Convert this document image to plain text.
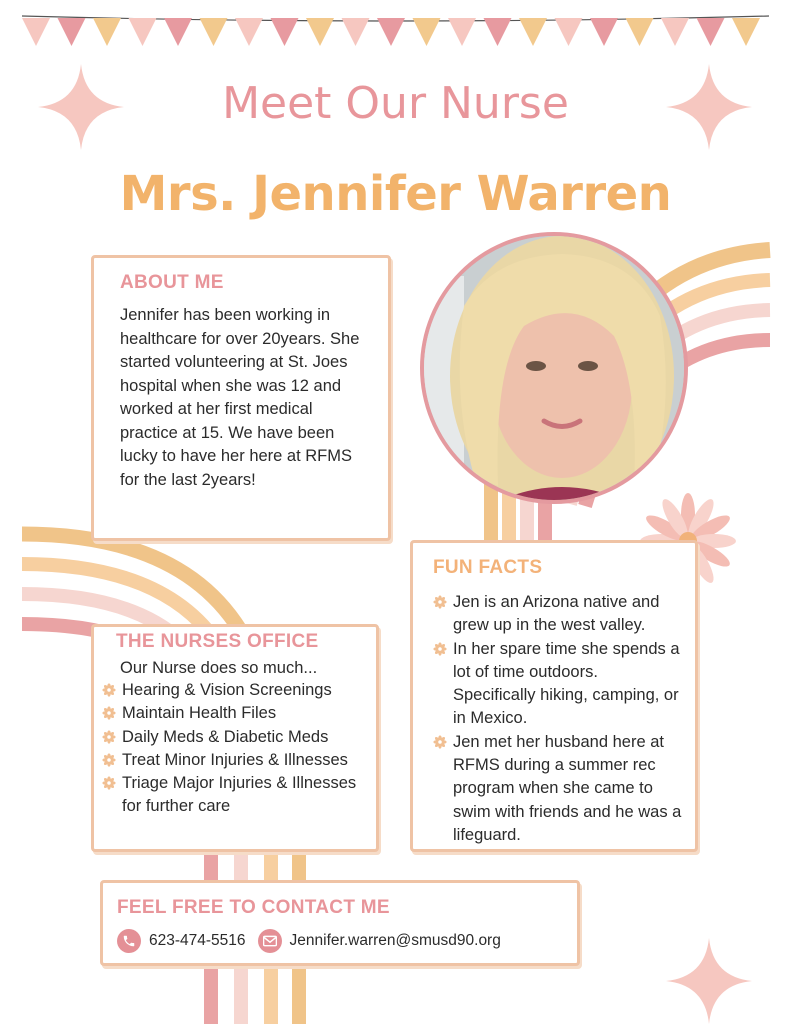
Meet Our Nurse
Mrs. Jennifer Warren
ABOUT ME
Jennifer has been working in healthcare for over 20years. She started volunteering at St. Joes hospital when she was 12 and worked at her first medical practice at 15. We have been lucky to have her here at RFMS for the last 2years!
FUN FACTS
Jen is an Arizona native and grew up in the west valley.
In her spare time she spends a lot of time outdoors. Specifically hiking, camping, or in Mexico.
Jen met her husband here at RFMS during a summer rec program when she came to swim with friends and he was a lifeguard.
THE NURSES OFFICE
Our Nurse does so much...
Hearing & Vision Screenings
Maintain Health Files
Daily Meds & Diabetic Meds
Treat Minor Injuries & Illnesses
Triage Major Injuries & Illnesses for further care
FEEL FREE TO CONTACT ME
623-474-5516	Jennifer.warren@smusd90.org
